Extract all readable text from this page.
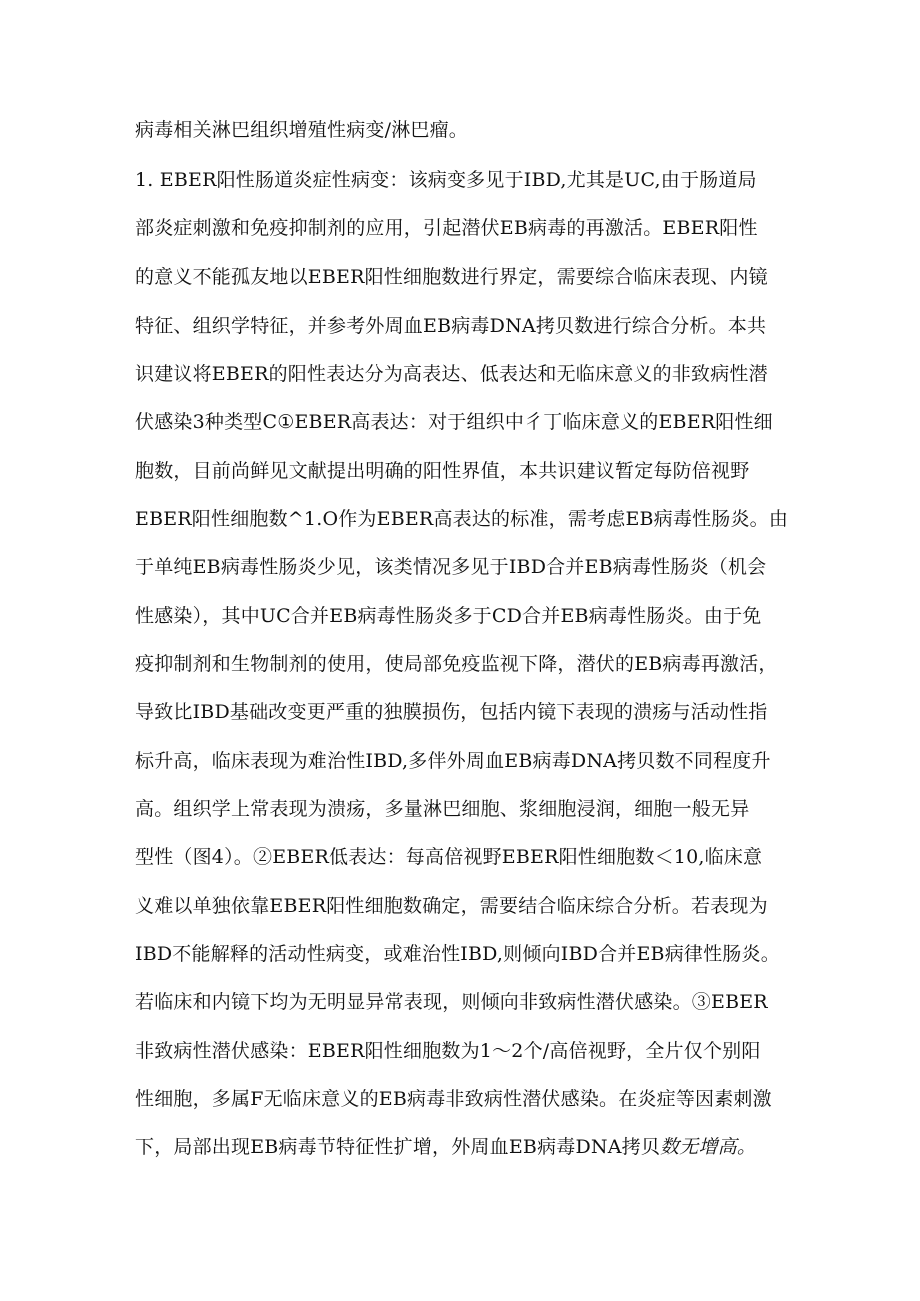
病毒相关淋巴组织增殖性病变/淋巴瘤。
1. EBER阳性肠道炎症性病变：该病变多见于IBD,尤其是UC,由于肠道局
部炎症刺激和免疫抑制剂的应用，引起潜伏EB病毒的再激活。EBER阳性
的意义不能孤友地以EBER阳性细胞数进行界定，需要综合临床表现、内镜
特征、组织学特征，并参考外周血EB病毒DNA拷贝数进行综合分析。本共
识建议将EBER的阳性表达分为高表达、低表达和无临床意义的非致病性潜
伏感染3种类型C①EBER高表达：对于组织中彳丁临床意义的EBER阳性细
胞数，目前尚鲜见文献提出明确的阳性界值，本共识建议暂定每防倍视野
EBER阳性细胞数^1.O作为EBER高表达的标准，需考虑EB病毒性肠炎。由
于单纯EB病毒性肠炎少见，该类情况多见于IBD合并EB病毒性肠炎（机会
性感染），其中UC合并EB病毒性肠炎多于CD合并EB病毒性肠炎。由于免
疫抑制剂和生物制剂的使用，使局部免疫监视下降，潜伏的EB病毒再激活，
导致比IBD基础改变更严重的独膜损伤，包括内镜下表现的溃疡与活动性指
标升高，临床表现为难治性IBD,多伴外周血EB病毒DNA拷贝数不同程度升
高。组织学上常表现为溃疡，多量淋巴细胞、浆细胞浸润，细胞一般无异
型性（图4）。②EBER低表达：每高倍视野EBER阳性细胞数＜10,临床意
义难以单独依靠EBER阳性细胞数确定，需要结合临床综合分析。若表现为
IBD不能解释的活动性病变，或难治性IBD,则倾向IBD合并EB病律性肠炎。
若临床和内镜下均为无明显异常表现，则倾向非致病性潜伏感染。③EBER
非致病性潜伏感染：EBER阳性细胞数为1～2个/高倍视野，全片仅个别阳
性细胞，多属F无临床意义的EB病毒非致病性潜伏感染。在炎症等因素刺激
下，局部出现EB病毒节特征性扩增，外周血EB病毒DNA拷贝数无增高。
